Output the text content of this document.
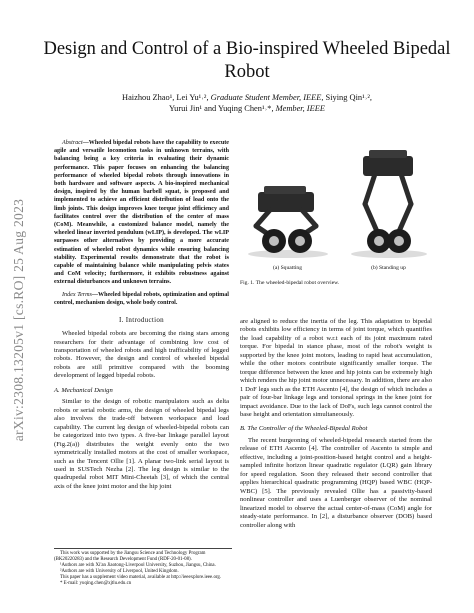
arXiv:2308.13205v1 [cs.RO] 25 Aug 2023
Design and Control of a Bio-inspired Wheeled Bipedal Robot
Haizhou Zhao¹, Lei Yu¹˒², Graduate Student Member, IEEE, Siying Qin¹˒²,
Yurui Jin¹ and Yuqing Chen¹˒*, Member, IEEE

Abstract—Wheeled bipedal robots have the capability to execute agile and versatile locomotion tasks in unknown terrains, with balancing being a key criteria in evaluating their dynamic performance. This paper focuses on enhancing the balancing performance of wheeled bipedal robots through innovations in both hardware and software aspects. A bio-inspired mechanical design, inspired by the human barbell squat, is proposed and implemented to achieve an efficient distribution of load onto the limb joints. This design improves knee torque joint efficiency and facilitates control over the distribution of the center of mass (CoM). Meanwhile, a customized balance model, namely the wheeled linear inverted pendulum (wLIP), is developed. The wLIP surpasses other alternatives by providing a more accurate estimation of wheeled robot dynamics while ensuring balancing stability. Experimental results demonstrate that the robot is capable of maintaining balance while manipulating pelvis states and CoM velocity; furthermore, it exhibits robustness against external disturbances and unknown terrains.

Index Terms—Wheeled bipedal robots, optimization and optimal control, mechanism design, whole body control.

I. Introduction

Wheeled bipedal robots are becoming the rising stars among researchers for their advantage of combining low cost of transportation of wheeled robots and high trafficability of legged robots. However, the design and control of wheeled bipedal robots are still primitive compared with the booming development of legged bipedal robots.

A. Mechanical Design

Similar to the design of robotic manipulators such as delta robots or serial robotic arms, the design of wheeled bipedal legs also involves the trade-off between workspace and load capability. The current leg design of wheeled-bipedal robots can be categorized into two types. A five-bar linkage parallel layout (Fig.2(a)) distributes the weight evenly onto the two symmetrically installed motors at the cost of smaller workspace, such as the Tencent Ollie [1]. A planar two-link serial layout is used in SUSTech Nezha [2]. The leg design is similar to the quadrupedal robot MIT Mini-Cheetah [3], of which the central axis of the knee joint motor and the hip joint

This work was supported by the Jiangsu Science and Technology Program (BK20220283) and the Research Development Fund (RDF-20-01-08).

¹Authors are with Xi'an Jiaotong-Liverpool University, Suzhou, Jiangsu, China.

²Authors are with University of Liverpool, United Kingdom.

This paper has a supplement video material, available at http://ieeexplore.ieee.org.

* E-mail: yuqing.chen@xjtlu.edu.cn

(a) Squatting	(b) Standing up
Fig. 1. The wheeled-bipedal robot overview.

are aligned to reduce the inertia of the leg. This adaptation to bipedal robots exhibits low efficiency in terms of joint torque, which quantifies the load capability of a robot w.r.t each of its joint maximum rated torque. For bipedal in stance phase, most of the robot's weight is supported by the knee joint motors, leading to rapid heat accumulation, while the other motors contribute significantly smaller torque. The torque difference between the knee and hip joints can be extremely high which renders the hip joint motor unnecessary. In addition, there are also 1 DoF legs such as the ETH Ascento [4], the design of which includes a pair of four-bar linkage legs and torsional springs in the knee joint for impact avoidance. Due to the lack of DoFs, such legs cannot control the base height and orientation simultaneously.

B. The Controller of the Wheeled-Bipedal Robot

The recent burgeoning of wheeled-bipedal research started from the release of ETH Ascento [4]. The controller of Ascento is simple and effective, including a joint-position-based height control and a height-sampled infinite horizon linear quadratic regulator (LQR) gain library for speed regulation. Soon they released their second controller that applies hierarchical quadratic programming (HQP) based WBC (HQP-WBC) [5]. The previously revealed Ollie has a passivity-based nonlinear controller and uses a Luenberger observer of the nominal linearized model to observe the actual center-of-mass (CoM) angle for steady-state performance. In [2], a disturbance observer (DOB) based controller along with
